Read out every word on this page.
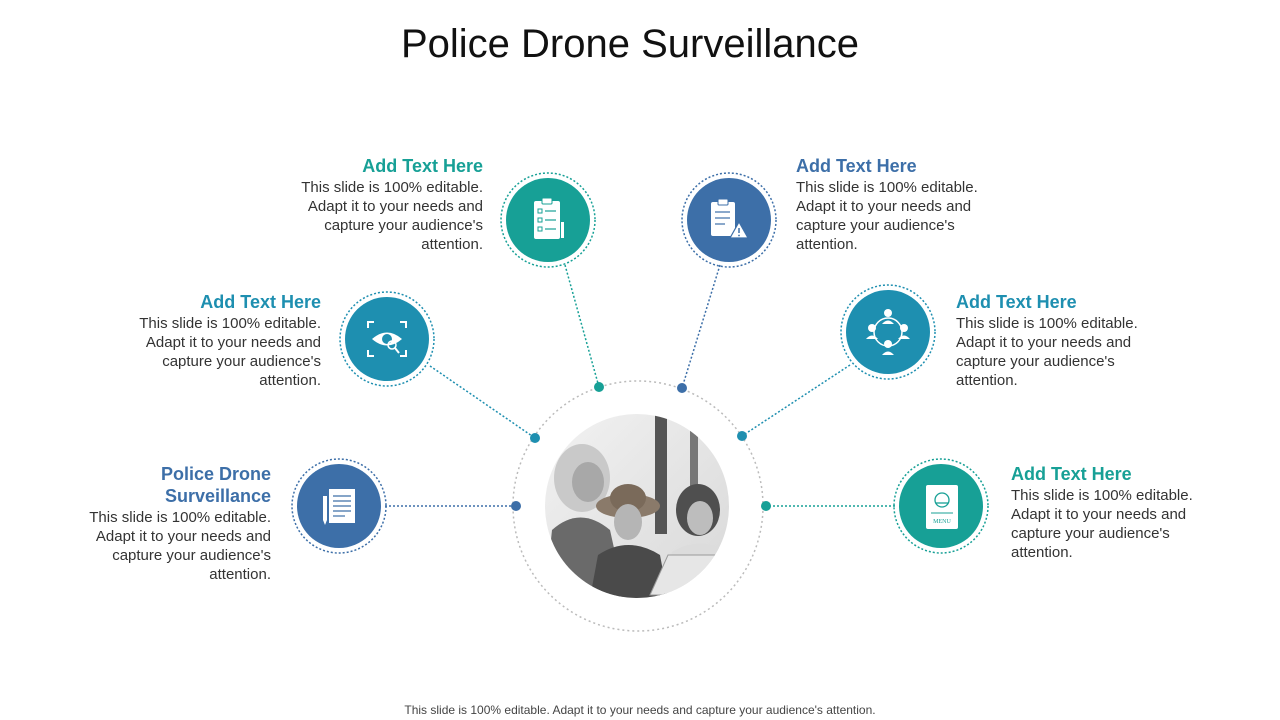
Police Drone Surveillance
MENU
Police Drone Surveillance
This slide is 100% editable. Adapt it to your needs and capture your audience's attention.
Add Text Here
This slide is 100% editable. Adapt it to your needs and capture your audience's attention.
Add Text Here
This slide is 100% editable. Adapt it to your needs and capture your audience's attention.
Add Text Here
This slide is 100% editable. Adapt it to your needs and capture your audience's attention.
Add Text Here
This slide is 100% editable. Adapt it to your needs and capture your audience's attention.
Add Text Here
This slide is 100% editable. Adapt it to your needs and capture your audience's attention.
This slide is 100% editable. Adapt it to your needs and capture your audience's attention.
